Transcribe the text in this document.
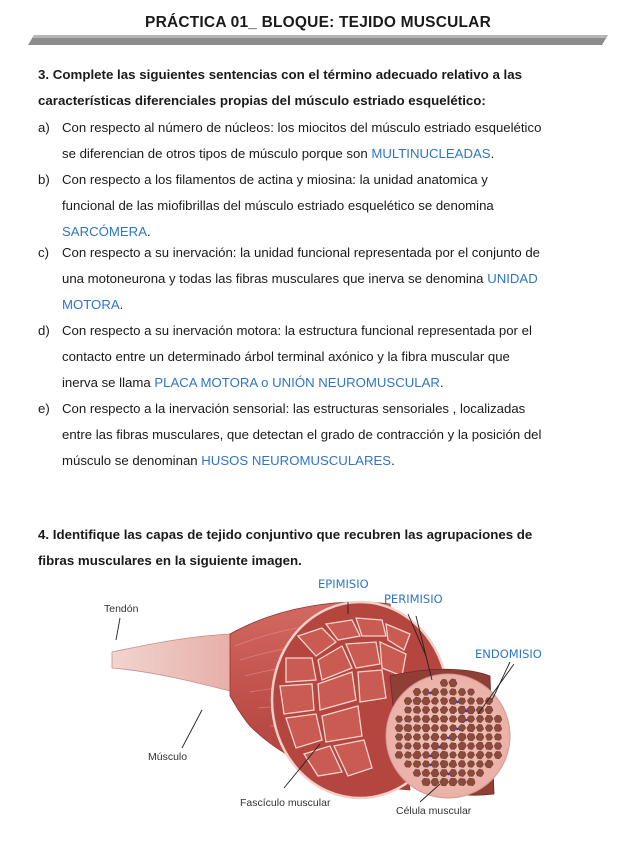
PRÁCTICA 01_ BLOQUE: TEJIDO MUSCULAR
3. Complete las siguientes sentencias con el término adecuado relativo a las
características diferenciales propias del músculo estriado esquelético:
a) Con respecto al número de núcleos: los miocitos del músculo estriado esquelético
se diferencian de otros tipos de músculo porque son MULTINUCLEADAS.
b) Con respecto a los filamentos de actina y miosina: la unidad anatomica y
funcional de las miofibrillas del músculo estriado esquelético se denomina
SARCÓMERA.
c) Con respecto a su inervación: la unidad funcional representada por el conjunto de
una motoneurona y todas las fibras musculares que inerva se denomina UNIDAD
MOTORA.
d) Con respecto a su inervación motora: la estructura funcional representada por el
contacto entre un determinado árbol terminal axónico y la fibra muscular que
inerva se llama PLACA MOTORA o UNIÓN NEUROMUSCULAR.
e) Con respecto a la inervación sensorial: las estructuras sensoriales , localizadas
entre las fibras musculares, que detectan el grado de contracción y la posición del
músculo se denominan HUSOS NEUROMUSCULARES.
4. Identifique las capas de tejido conjuntivo que recubren las agrupaciones de
fibras musculares en la siguiente imagen.
EPIMISIO
PERIMISIO
ENDOMISIO
Tendón
Músculo
Fascículo muscular
Célula muscular
